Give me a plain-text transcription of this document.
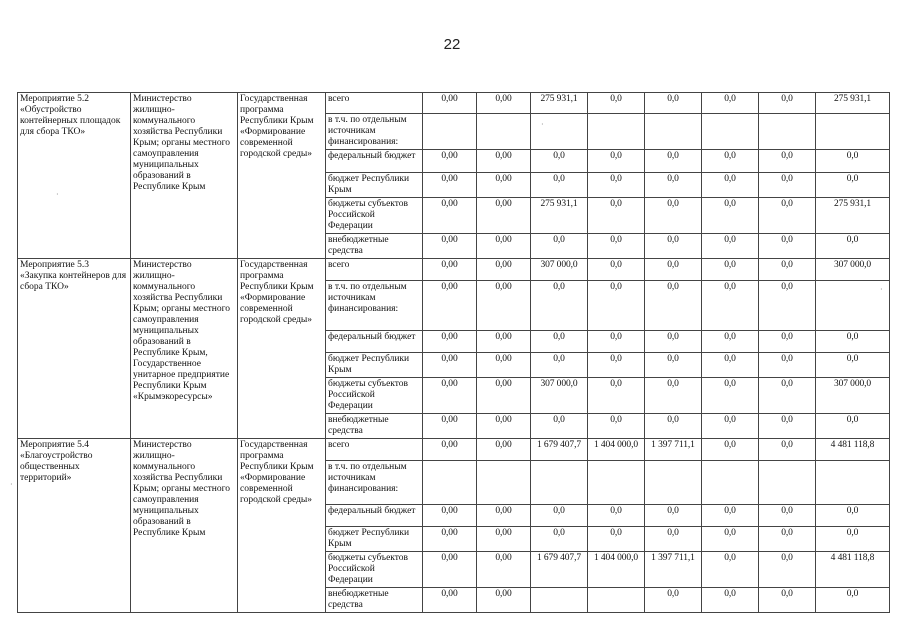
22
Мероприятие 5.2 «Обустройство контейнерных площадок для сбора ТКО»	Министерство жилищно-коммунального хозяйства Республики Крым; органы местного самоуправления муниципальных образований в Республике Крым	Государственная программа Республики Крым «Формирование современной городской среды»	всего	0,00	0,00	275 931,1	0,0	0,0	0,0	0,0	275 931,1
			в т.ч. по отдельным источникам финансирования:								
			федеральный бюджет	0,00	0,00	0,0	0,0	0,0	0,0	0,0	0,0
			бюджет Республики Крым	0,00	0,00	0,0	0,0	0,0	0,0	0,0	0,0
			бюджеты субъектов Российской Федерации	0,00	0,00	275 931,1	0,0	0,0	0,0	0,0	275 931,1
			внебюджетные средства	0,00	0,00	0,0	0,0	0,0	0,0	0,0	0,0
Мероприятие 5.3 «Закупка контейнеров для сбора ТКО»	Министерство жилищно-коммунального хозяйства Республики Крым; органы местного самоуправления муниципальных образований в Республике Крым, Государственное унитарное предприятие Республики Крым «Крымэкоресурсы»	Государственная программа Республики Крым «Формирование современной городской среды»	всего	0,00	0,00	307 000,0	0,0	0,0	0,0	0,0	307 000,0
			в т.ч. по отдельным источникам финансирования:	0,00	0,00	0,0	0,0	0,0	0,0	0,0	
			федеральный бюджет	0,00	0,00	0,0	0,0	0,0	0,0	0,0	0,0
			бюджет Республики Крым	0,00	0,00	0,0	0,0	0,0	0,0	0,0	0,0
			бюджеты субъектов Российской Федерации	0,00	0,00	307 000,0	0,0	0,0	0,0	0,0	307 000,0
			внебюджетные средства	0,00	0,00	0,0	0,0	0,0	0,0	0,0	0,0
Мероприятие 5.4 «Благоустройство общественных территорий»	Министерство жилищно-коммунального хозяйства Республики Крым; органы местного самоуправления муниципальных образований в Республике Крым	Государственная программа Республики Крым «Формирование современной городской среды»	всего	0,00	0,00	1 679 407,7	1 404 000,0	1 397 711,1	0,0	0,0	4 481 118,8
			в т.ч. по отдельным источникам финансирования:								
			федеральный бюджет	0,00	0,00	0,0	0,0	0,0	0,0	0,0	0,0
			бюджет Республики Крым	0,00	0,00	0,0	0,0	0,0	0,0	0,0	0,0
			бюджеты субъектов Российской Федерации	0,00	0,00	1 679 407,7	1 404 000,0	1 397 711,1	0,0	0,0	4 481 118,8
			внебюджетные средства	0,00	0,00			0,0	0,0	0,0	0,0
·
·
·
·
